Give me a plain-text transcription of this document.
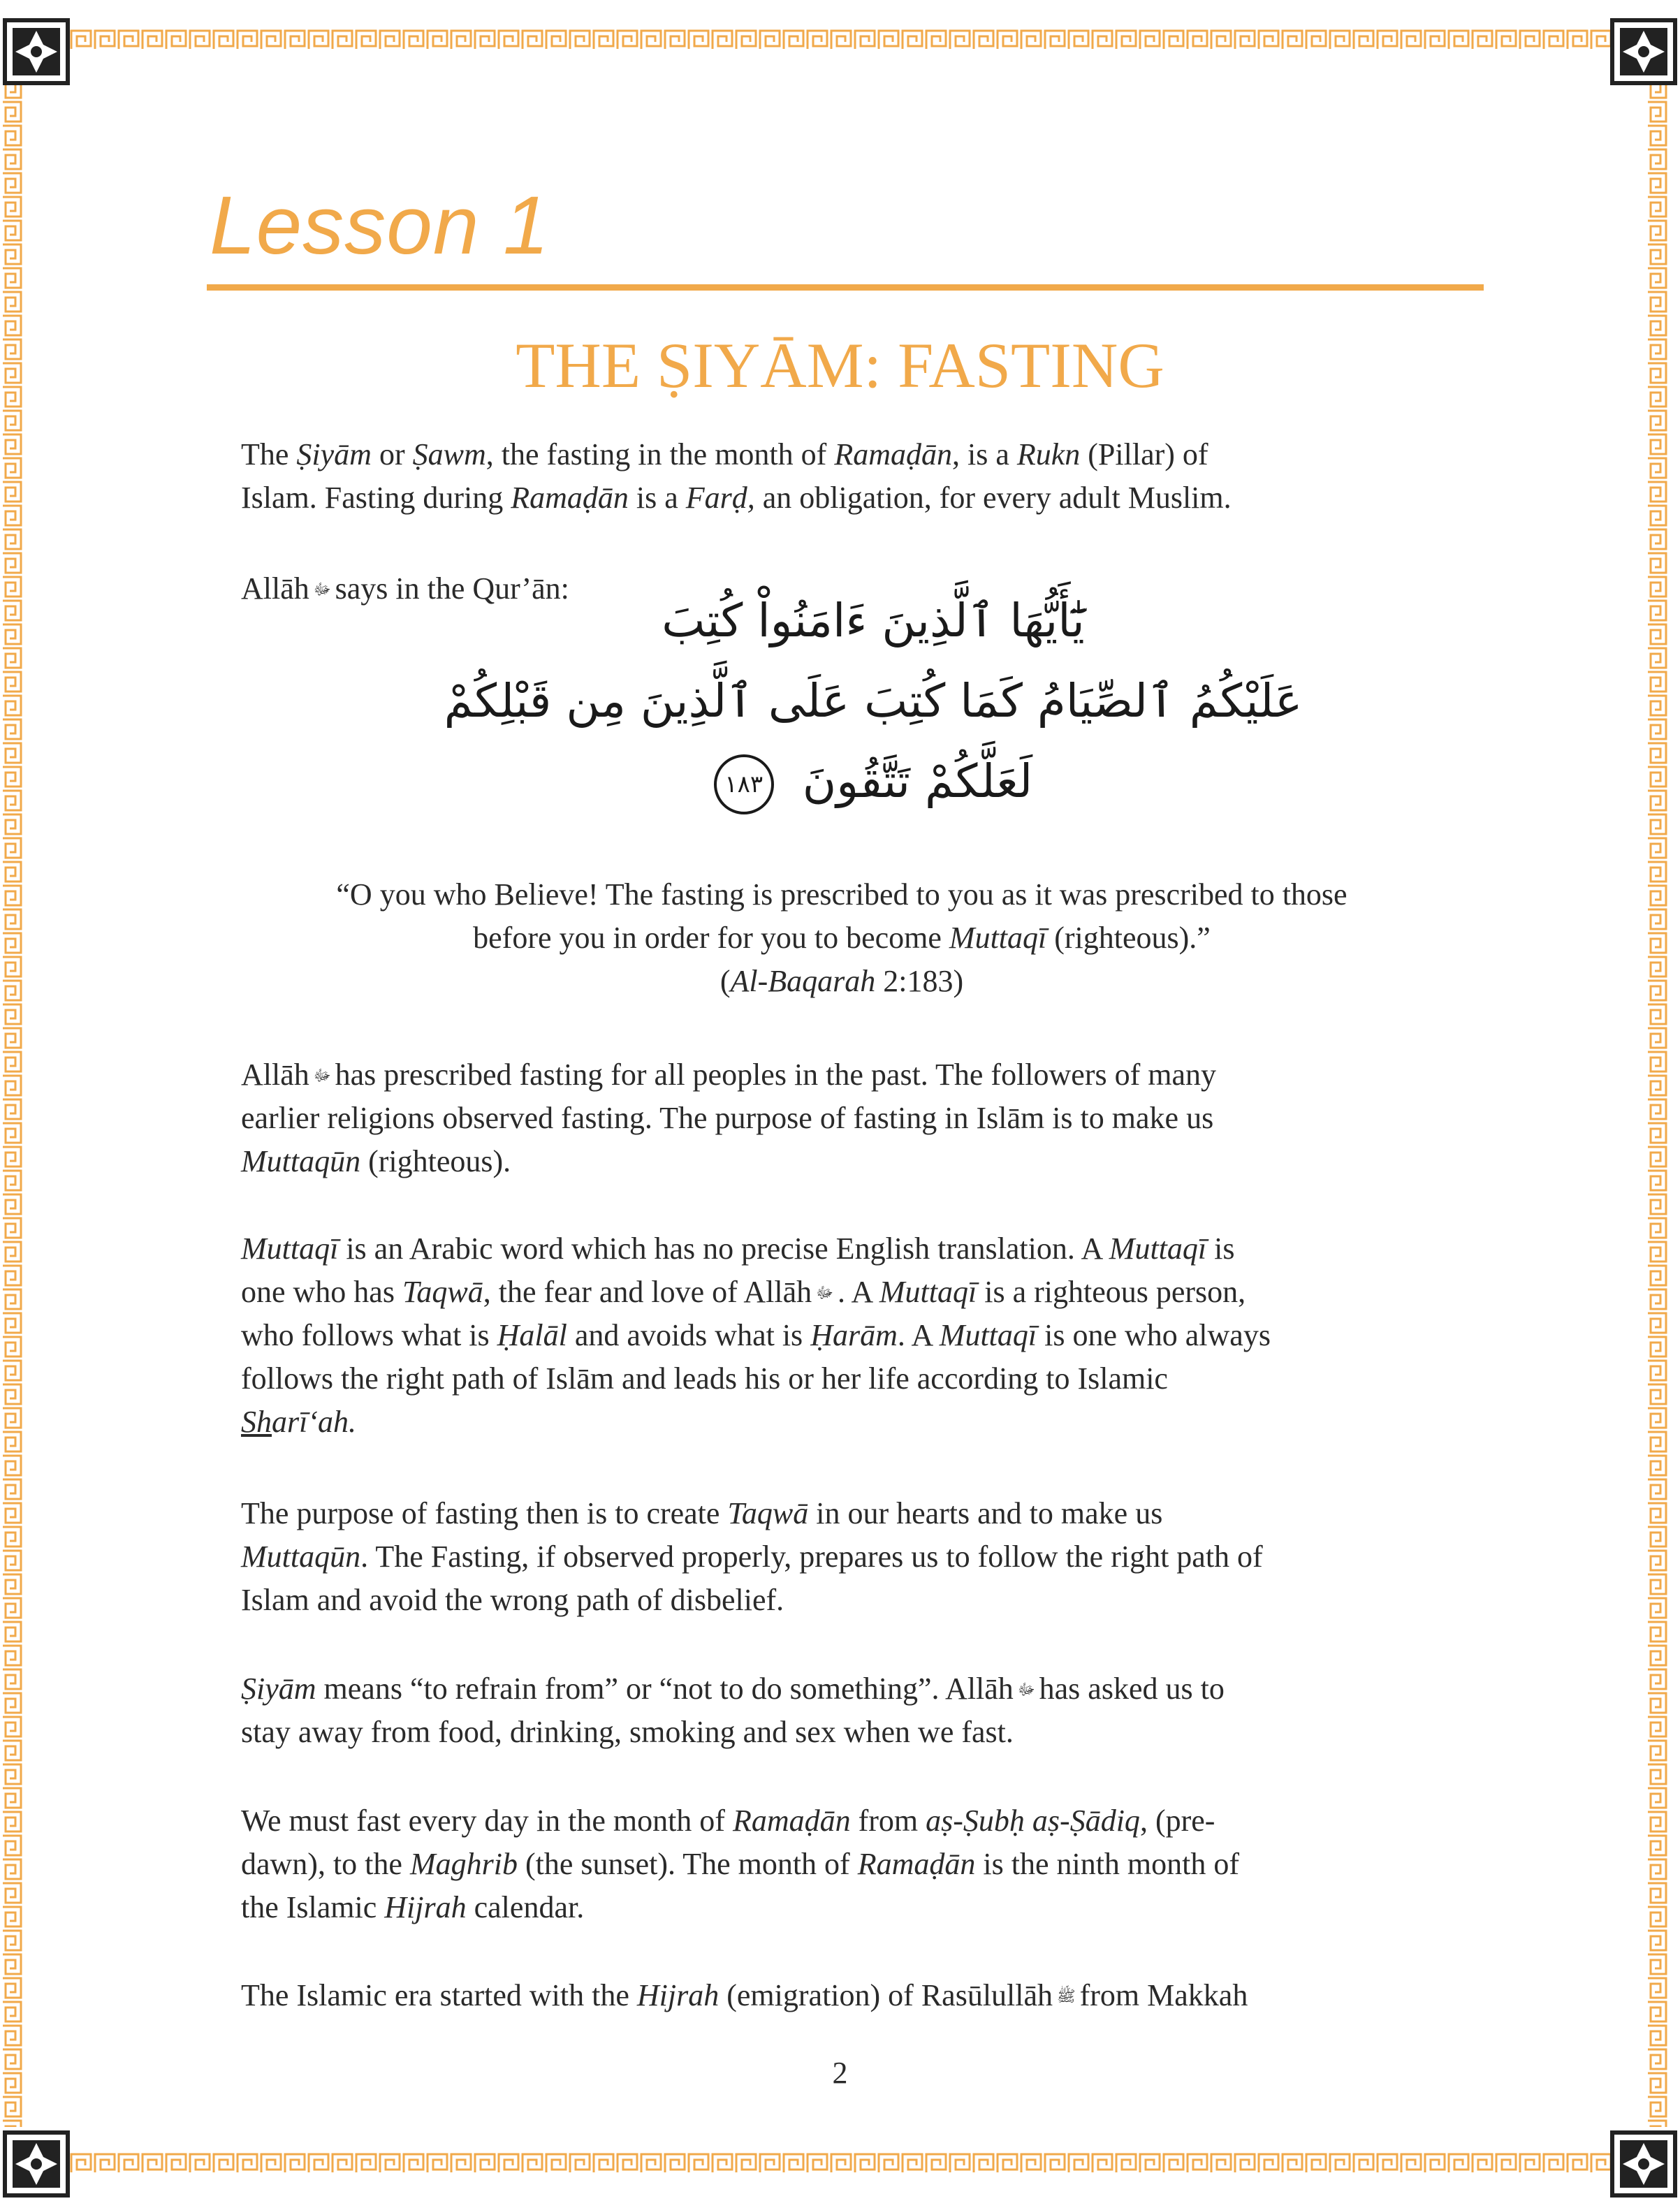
Lesson 1
THE ṢIYĀM: FASTING

The Ṣiyām or Ṣawm, the fasting in the month of Ramaḍān, is a Rukn (Pillar) of
Islam. Fasting during Ramaḍān is a Farḍ, an obligation, for every adult Muslim.

Allāh ﷻ says in the Qur’ān:

يَٰٓأَيُّهَا ٱلَّذِينَ ءَامَنُواْ كُتِبَ
عَلَيْكُمُ ٱلصِّيَامُ كَمَا كُتِبَ عَلَى ٱلَّذِينَ مِن قَبْلِكُمْ
لَعَلَّكُمْ تَتَّقُونَ ١٨٣

“O you who Believe! The fasting is prescribed to you as it was prescribed to those
before you in order for you to become Muttaqī (righteous).”
(Al-Baqarah 2:183)

Allāh ﷻ has prescribed fasting for all peoples in the past. The followers of many
earlier religions observed fasting. The purpose of fasting in Islām is to make us
Muttaqūn (righteous).

Muttaqī is an Arabic word which has no precise English translation. A Muttaqī is
one who has Taqwā, the fear and love of Allāh ﷻ . A Muttaqī is a righteous person,
who follows what is Ḥalāl and avoids what is Ḥarām. A Muttaqī is one who always
follows the right path of Islām and leads his or her life according to Islamic
Sharī‘ah.

The purpose of fasting then is to create Taqwā in our hearts and to make us
Muttaqūn. The Fasting, if observed properly, prepares us to follow the right path of
Islam and avoid the wrong path of disbelief.

Ṣiyām means “to refrain from” or “not to do something”. Allāh ﷻ has asked us to
stay away from food, drinking, smoking and sex when we fast.

We must fast every day in the month of Ramaḍān from aṣ-Ṣubḥ aṣ-Ṣādiq, (pre-
dawn), to the Maghrib (the sunset). The month of Ramaḍān is the ninth month of
the Islamic Hijrah calendar.

The Islamic era started with the Hijrah (emigration) of Rasūlullāh ﷺ from Makkah

2
